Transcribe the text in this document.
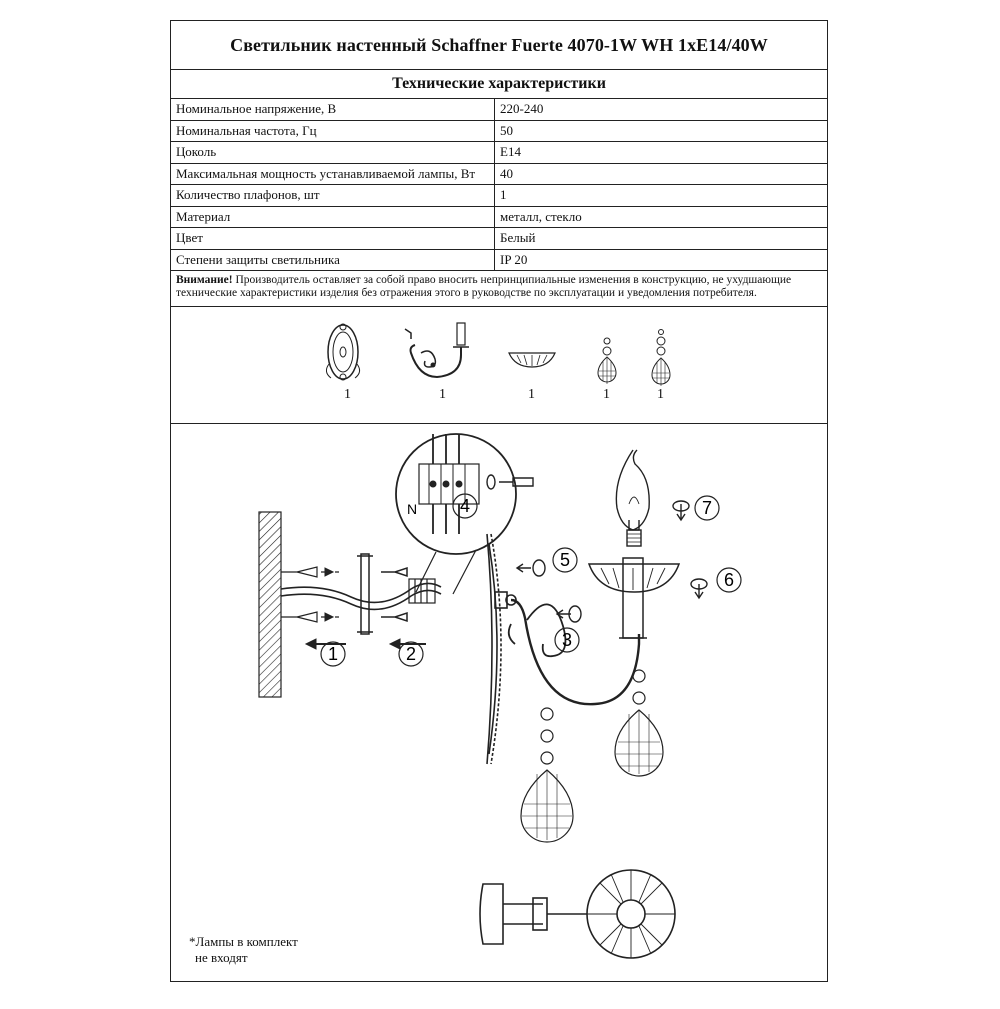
Светильник настенный Schaffner Fuerte 4070-1W WH 1xE14/40W
Технические характеристики
Номинальное напряжение, В	220-240
Номинальная частота, Гц	50
Цоколь	E14
Максимальная мощность устанавливаемой лампы, Вт	40
Количество плафонов, шт	1
Материал	металл, стекло
Цвет	Белый
Степени защиты светильника	IP 20
Внимание! Производитель оставляет за собой право вносить непринципиальные изменения в конструкцию, не ухудшающие технические характеристики изделия без отражения этого в руководстве по эксплуатации и уведомления потребителя.
1	1	1	1	1
N
1	2
3
4
5
6
7
*Лампы в комплект
не входят
